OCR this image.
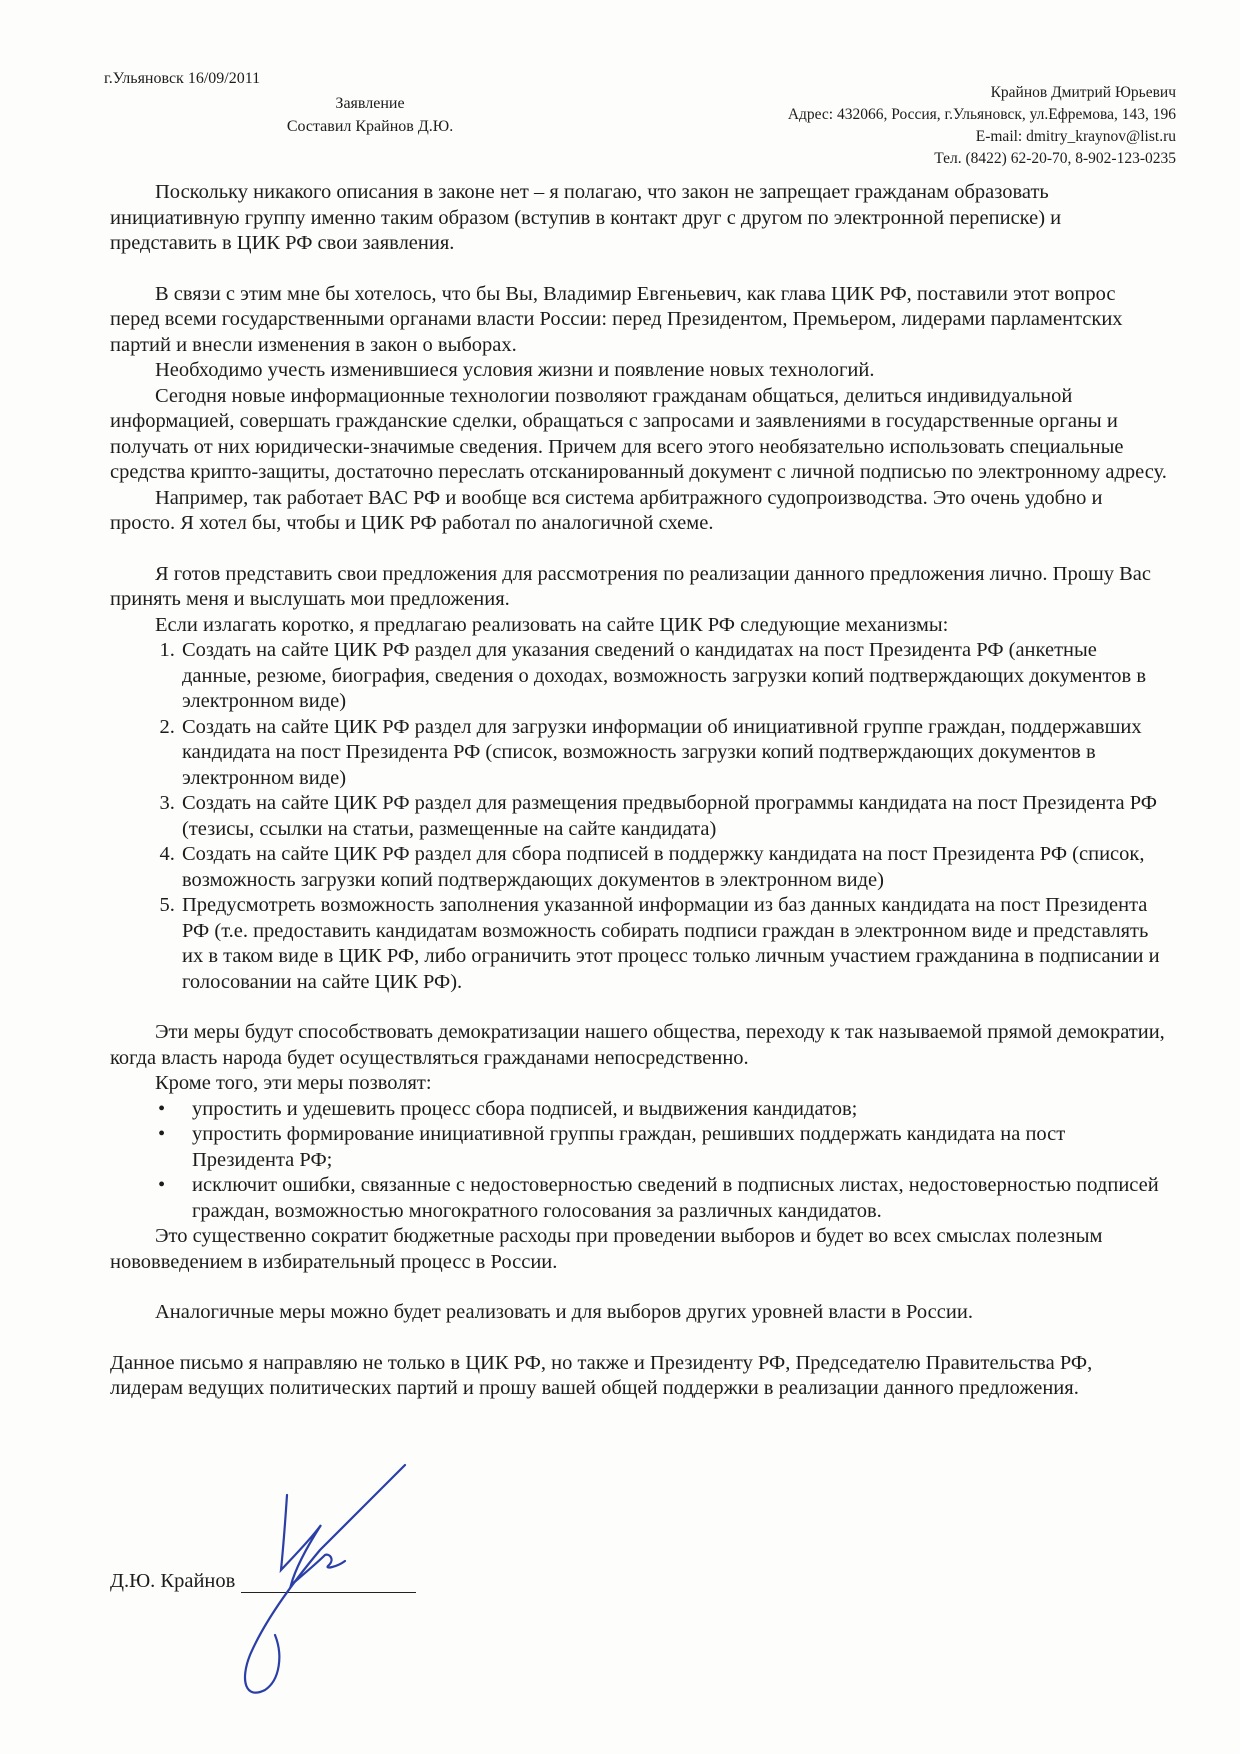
г.Ульяновск 16/09/2011
Заявление
Составил Крайнов Д.Ю.
Крайнов Дмитрий Юрьевич
Адрес: 432066, Россия, г.Ульяновск, ул.Ефремова, 143, 196
E-mail: dmitry_kraynov@list.ru
Тел. (8422) 62-20-70, 8-902-123-0235

Поскольку никакого описания в законе нет – я полагаю, что закон не запрещает гражданам образовать инициативную группу именно таким образом (вступив в контакт друг с другом по электронной переписке) и представить в ЦИК РФ свои заявления.

В связи с этим мне бы хотелось, что бы Вы, Владимир Евгеньевич, как глава ЦИК РФ, поставили этот вопрос перед всеми государственными органами власти России: перед Президентом, Премьером, лидерами парламентских партий и внесли изменения в закон о выборах.

Необходимо учесть изменившиеся условия жизни и появление новых технологий.

Сегодня новые информационные технологии позволяют гражданам общаться, делиться индивидуальной информацией, совершать гражданские сделки, обращаться с запросами и заявлениями в государственные органы и получать от них юридически-значимые сведения. Причем для всего этого необязательно использовать специальные средства крипто-защиты, достаточно переслать отсканированный документ с личной подписью по электронному адресу.

Например, так работает ВАС РФ и вообще вся система арбитражного судопроизводства. Это очень удобно и просто. Я хотел бы, чтобы и ЦИК РФ работал по аналогичной схеме.

Я готов представить свои предложения для рассмотрения по реализации данного предложения лично. Прошу Вас принять меня и выслушать мои предложения.

Если излагать коротко, я предлагаю реализовать на сайте ЦИК РФ следующие механизмы:

1. Создать на сайте ЦИК РФ раздел для указания сведений о кандидатах на пост Президента РФ (анкетные данные, резюме, биография, сведения о доходах, возможность загрузки копий подтверждающих документов в электронном виде)
2. Создать на сайте ЦИК РФ раздел для загрузки информации об инициативной группе граждан, поддержавших кандидата на пост Президента РФ (список, возможность загрузки копий подтверждающих документов в электронном виде)
3. Создать на сайте ЦИК РФ раздел для размещения предвыборной программы кандидата на пост Президента РФ (тезисы, ссылки на статьи, размещенные на сайте кандидата)
4. Создать на сайте ЦИК РФ раздел для сбора подписей в поддержку кандидата на пост Президента РФ (список, возможность загрузки копий подтверждающих документов в электронном виде)
5. Предусмотреть возможность заполнения указанной информации из баз данных кандидата на пост Президента РФ (т.е. предоставить кандидатам возможность собирать подписи граждан в электронном виде и представлять их в таком виде в ЦИК РФ, либо ограничить этот процесс только личным участием гражданина в подписании и голосовании на сайте ЦИК РФ).

Эти меры будут способствовать демократизации нашего общества, переходу к так называемой прямой демократии, когда власть народа будет осуществляться гражданами непосредственно.

Кроме того, эти меры позволят:

• упростить и удешевить процесс сбора подписей, и выдвижения кандидатов;
• упростить формирование инициативной группы граждан, решивших поддержать кандидата на пост Президента РФ;
• исключит ошибки, связанные с недостоверностью сведений в подписных листах, недостоверностью подписей граждан, возможностью многократного голосования за различных кандидатов.

Это существенно сократит бюджетные расходы при проведении выборов и будет во всех смыслах полезным нововведением в избирательный процесс в России.

Аналогичные меры можно будет реализовать и для выборов других уровней власти в России.

Данное письмо я направляю не только в ЦИК РФ, но также и Президенту РФ, Председателю Правительства РФ, лидерам ведущих политических партий и прошу вашей общей поддержки в реализации данного предложения.

Д.Ю. Крайнов
